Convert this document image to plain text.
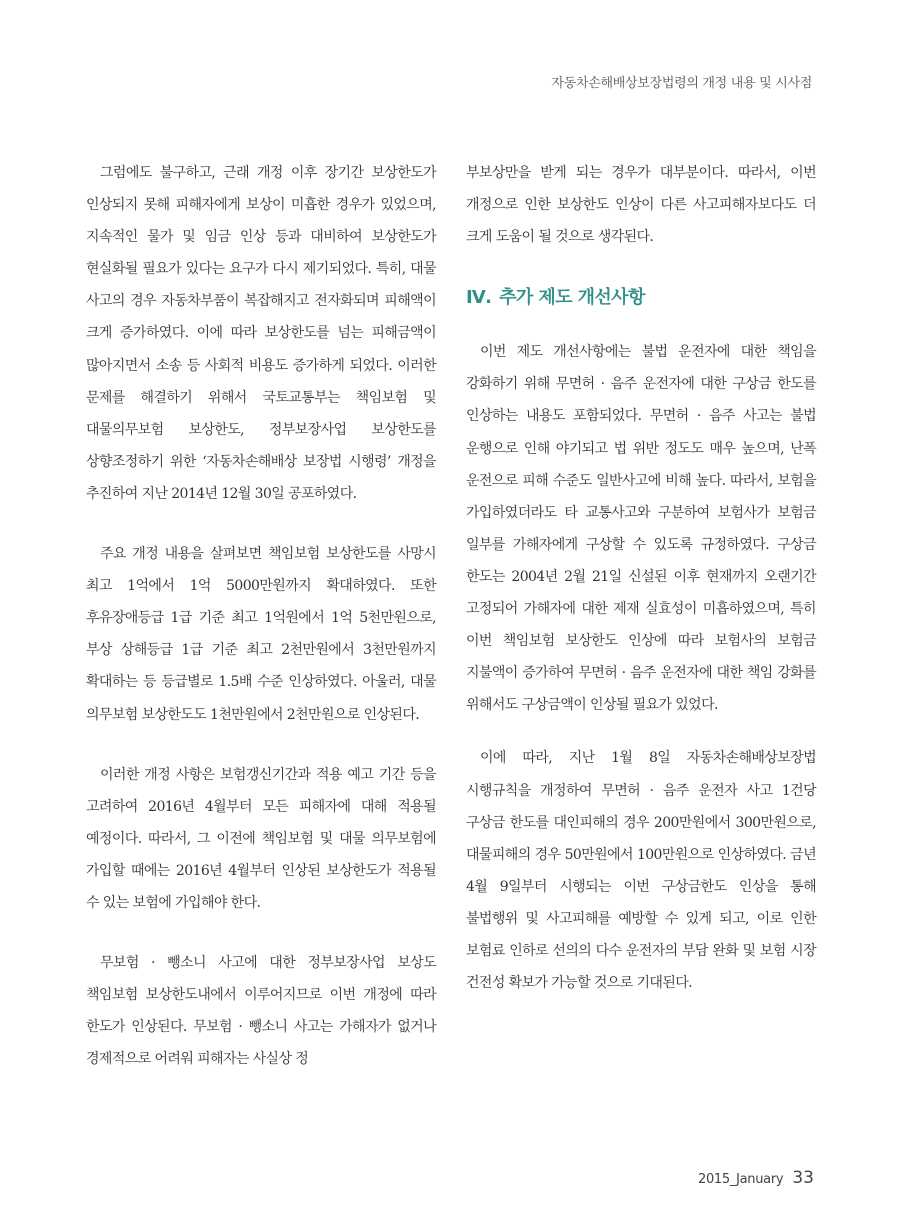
자동차손해배상보장법령의 개정 내용 및 시사점

그럼에도 불구하고, 근래 개정 이후 장기간 보상한도가 인상되지 못해 피해자에게 보상이 미흡한 경우가 있었으며, 지속적인 물가 및 임금 인상 등과 대비하여 보상한도가 현실화될 필요가 있다는 요구가 다시 제기되었다. 특히, 대물 사고의 경우 자동차부품이 복잡해지고 전자화되며 피해액이 크게 증가하였다. 이에 따라 보상한도를 넘는 피해금액이 많아지면서 소송 등 사회적 비용도 증가하게 되었다. 이러한 문제를 해결하기 위해서 국토교통부는 책임보험 및 대물의무보험 보상한도, 정부보장사업 보상한도를 상향조정하기 위한 ‘자동차손해배상 보장법 시행령’ 개정을 추진하여 지난 2014년 12월 30일 공포하였다.

주요 개정 내용을 살펴보면 책임보험 보상한도를 사망시 최고 1억에서 1억 5000만원까지 확대하였다. 또한 후유장애등급 1급 기준 최고 1억원에서 1억 5천만원으로, 부상 상해등급 1급 기준 최고 2천만원에서 3천만원까지 확대하는 등 등급별로 1.5배 수준 인상하였다. 아울러, 대물 의무보험 보상한도도 1천만원에서 2천만원으로 인상된다.

이러한 개정 사항은 보험갱신기간과 적용 예고 기간 등을 고려하여 2016년 4월부터 모든 피해자에 대해 적용될 예정이다. 따라서, 그 이전에 책임보험 및 대물 의무보험에 가입할 때에는 2016년 4월부터 인상된 보상한도가 적용될 수 있는 보험에 가입해야 한다.

무보험 · 뺑소니 사고에 대한 정부보장사업 보상도 책임보험 보상한도내에서 이루어지므로 이번 개정에 따라 한도가 인상된다. 무보험 · 뺑소니 사고는 가해자가 없거나 경제적으로 어려워 피해자는 사실상 정

부보상만을 받게 되는 경우가 대부분이다. 따라서, 이번 개정으로 인한 보상한도 인상이 다른 사고피해자보다도 더 크게 도움이 될 것으로 생각된다.

Ⅳ. 추가 제도 개선사항

이번 제도 개선사항에는 불법 운전자에 대한 책임을 강화하기 위해 무면허 · 음주 운전자에 대한 구상금 한도를 인상하는 내용도 포함되었다. 무면허 · 음주 사고는 불법 운행으로 인해 야기되고 법 위반 정도도 매우 높으며, 난폭 운전으로 피해 수준도 일반사고에 비해 높다. 따라서, 보험을 가입하였더라도 타 교통사고와 구분하여 보험사가 보험금 일부를 가해자에게 구상할 수 있도록 규정하였다. 구상금 한도는 2004년 2월 21일 신설된 이후 현재까지 오랜기간 고정되어 가해자에 대한 제재 실효성이 미흡하였으며, 특히 이번 책임보험 보상한도 인상에 따라 보험사의 보험금 지불액이 증가하여 무면허 · 음주 운전자에 대한 책임 강화를 위해서도 구상금액이 인상될 필요가 있었다.

이에 따라, 지난 1월 8일 자동차손해배상보장법 시행규칙을 개정하여 무면허 · 음주 운전자 사고 1건당 구상금 한도를 대인피해의 경우 200만원에서 300만원으로, 대물피해의 경우 50만원에서 100만원으로 인상하였다. 금년 4월 9일부터 시행되는 이번 구상금한도 인상을 통해 불법행위 및 사고피해를 예방할 수 있게 되고, 이로 인한 보험료 인하로 선의의 다수 운전자의 부담 완화 및 보험 시장 건전성 확보가 가능할 것으로 기대된다.

2015_January 33
